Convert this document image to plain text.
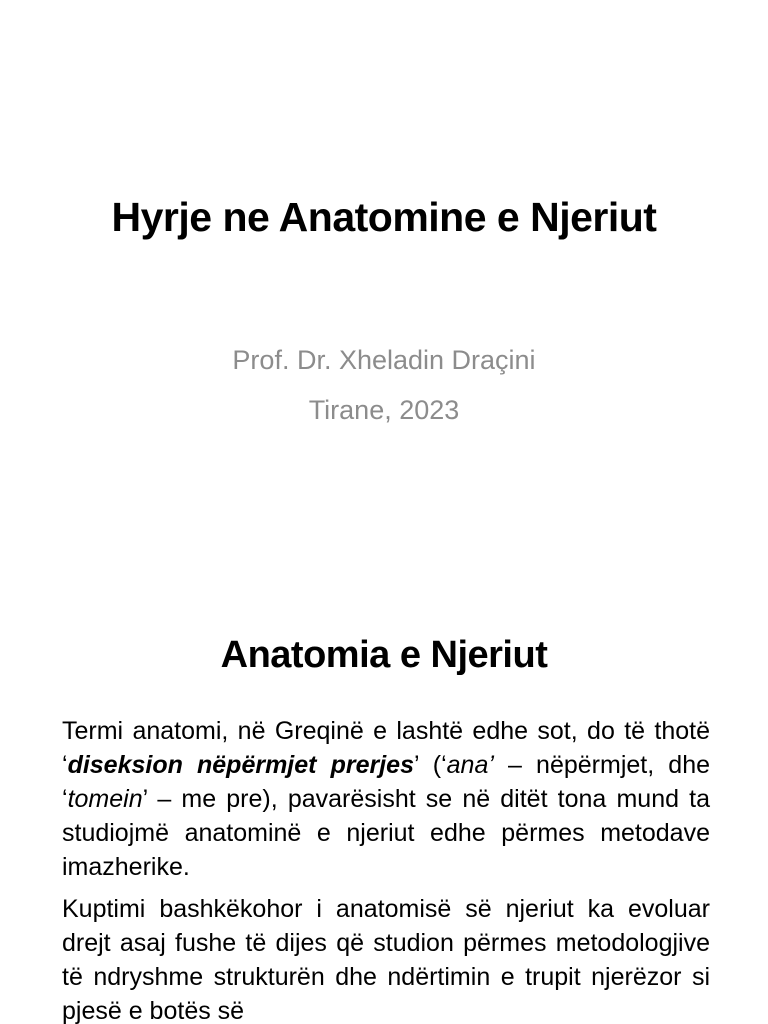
Hyrje ne Anatomine e Njeriut
Prof. Dr. Xheladin Draçini
Tirane, 2023
Anatomia e Njeriut

Termi anatomi, në Greqinë e lashtë edhe sot, do të thotë ‘diseksion nëpërmjet prerjes’ (‘ana’ – nëpërmjet, dhe ‘tomein’ – me pre), pavarësisht se në ditët tona mund ta studiojmë anatominë e njeriut edhe përmes metodave imazherike.

Kuptimi bashkëkohor i anatomisë së njeriut ka evoluar drejt asaj fushe të dijes që studion përmes metodologjive të ndryshme strukturën dhe ndërtimin e trupit njerëzor si pjesë e botës së
